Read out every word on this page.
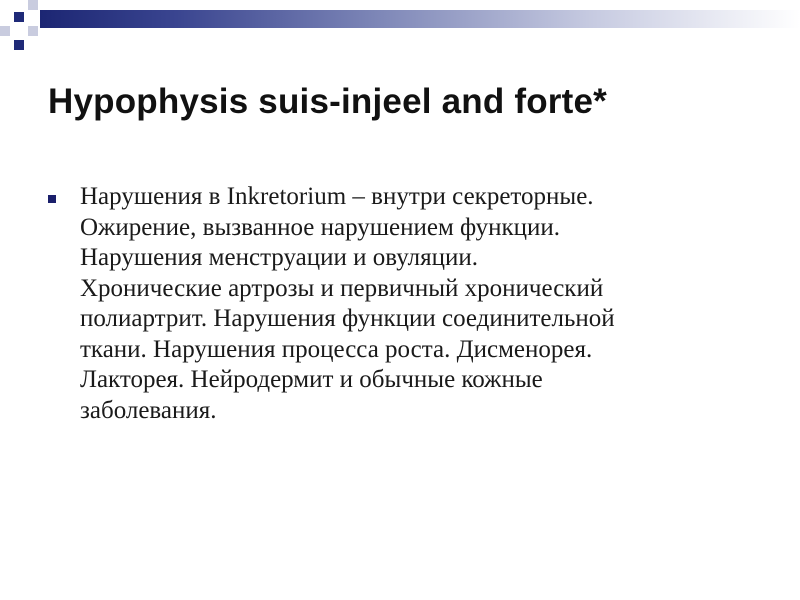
Hypophysis suis-injeel and forte*
Нарушения в Inkretorium – внутри секреторные.
Ожирение, вызванное нарушением функции.
Нарушения менструации и овуляции.
Хронические артрозы и первичный хронический
полиартрит. Нарушения функции соединительной
ткани. Нарушения процесса роста. Дисменорея.
Лакторея. Нейродермит и обычные кожные
заболевания.
